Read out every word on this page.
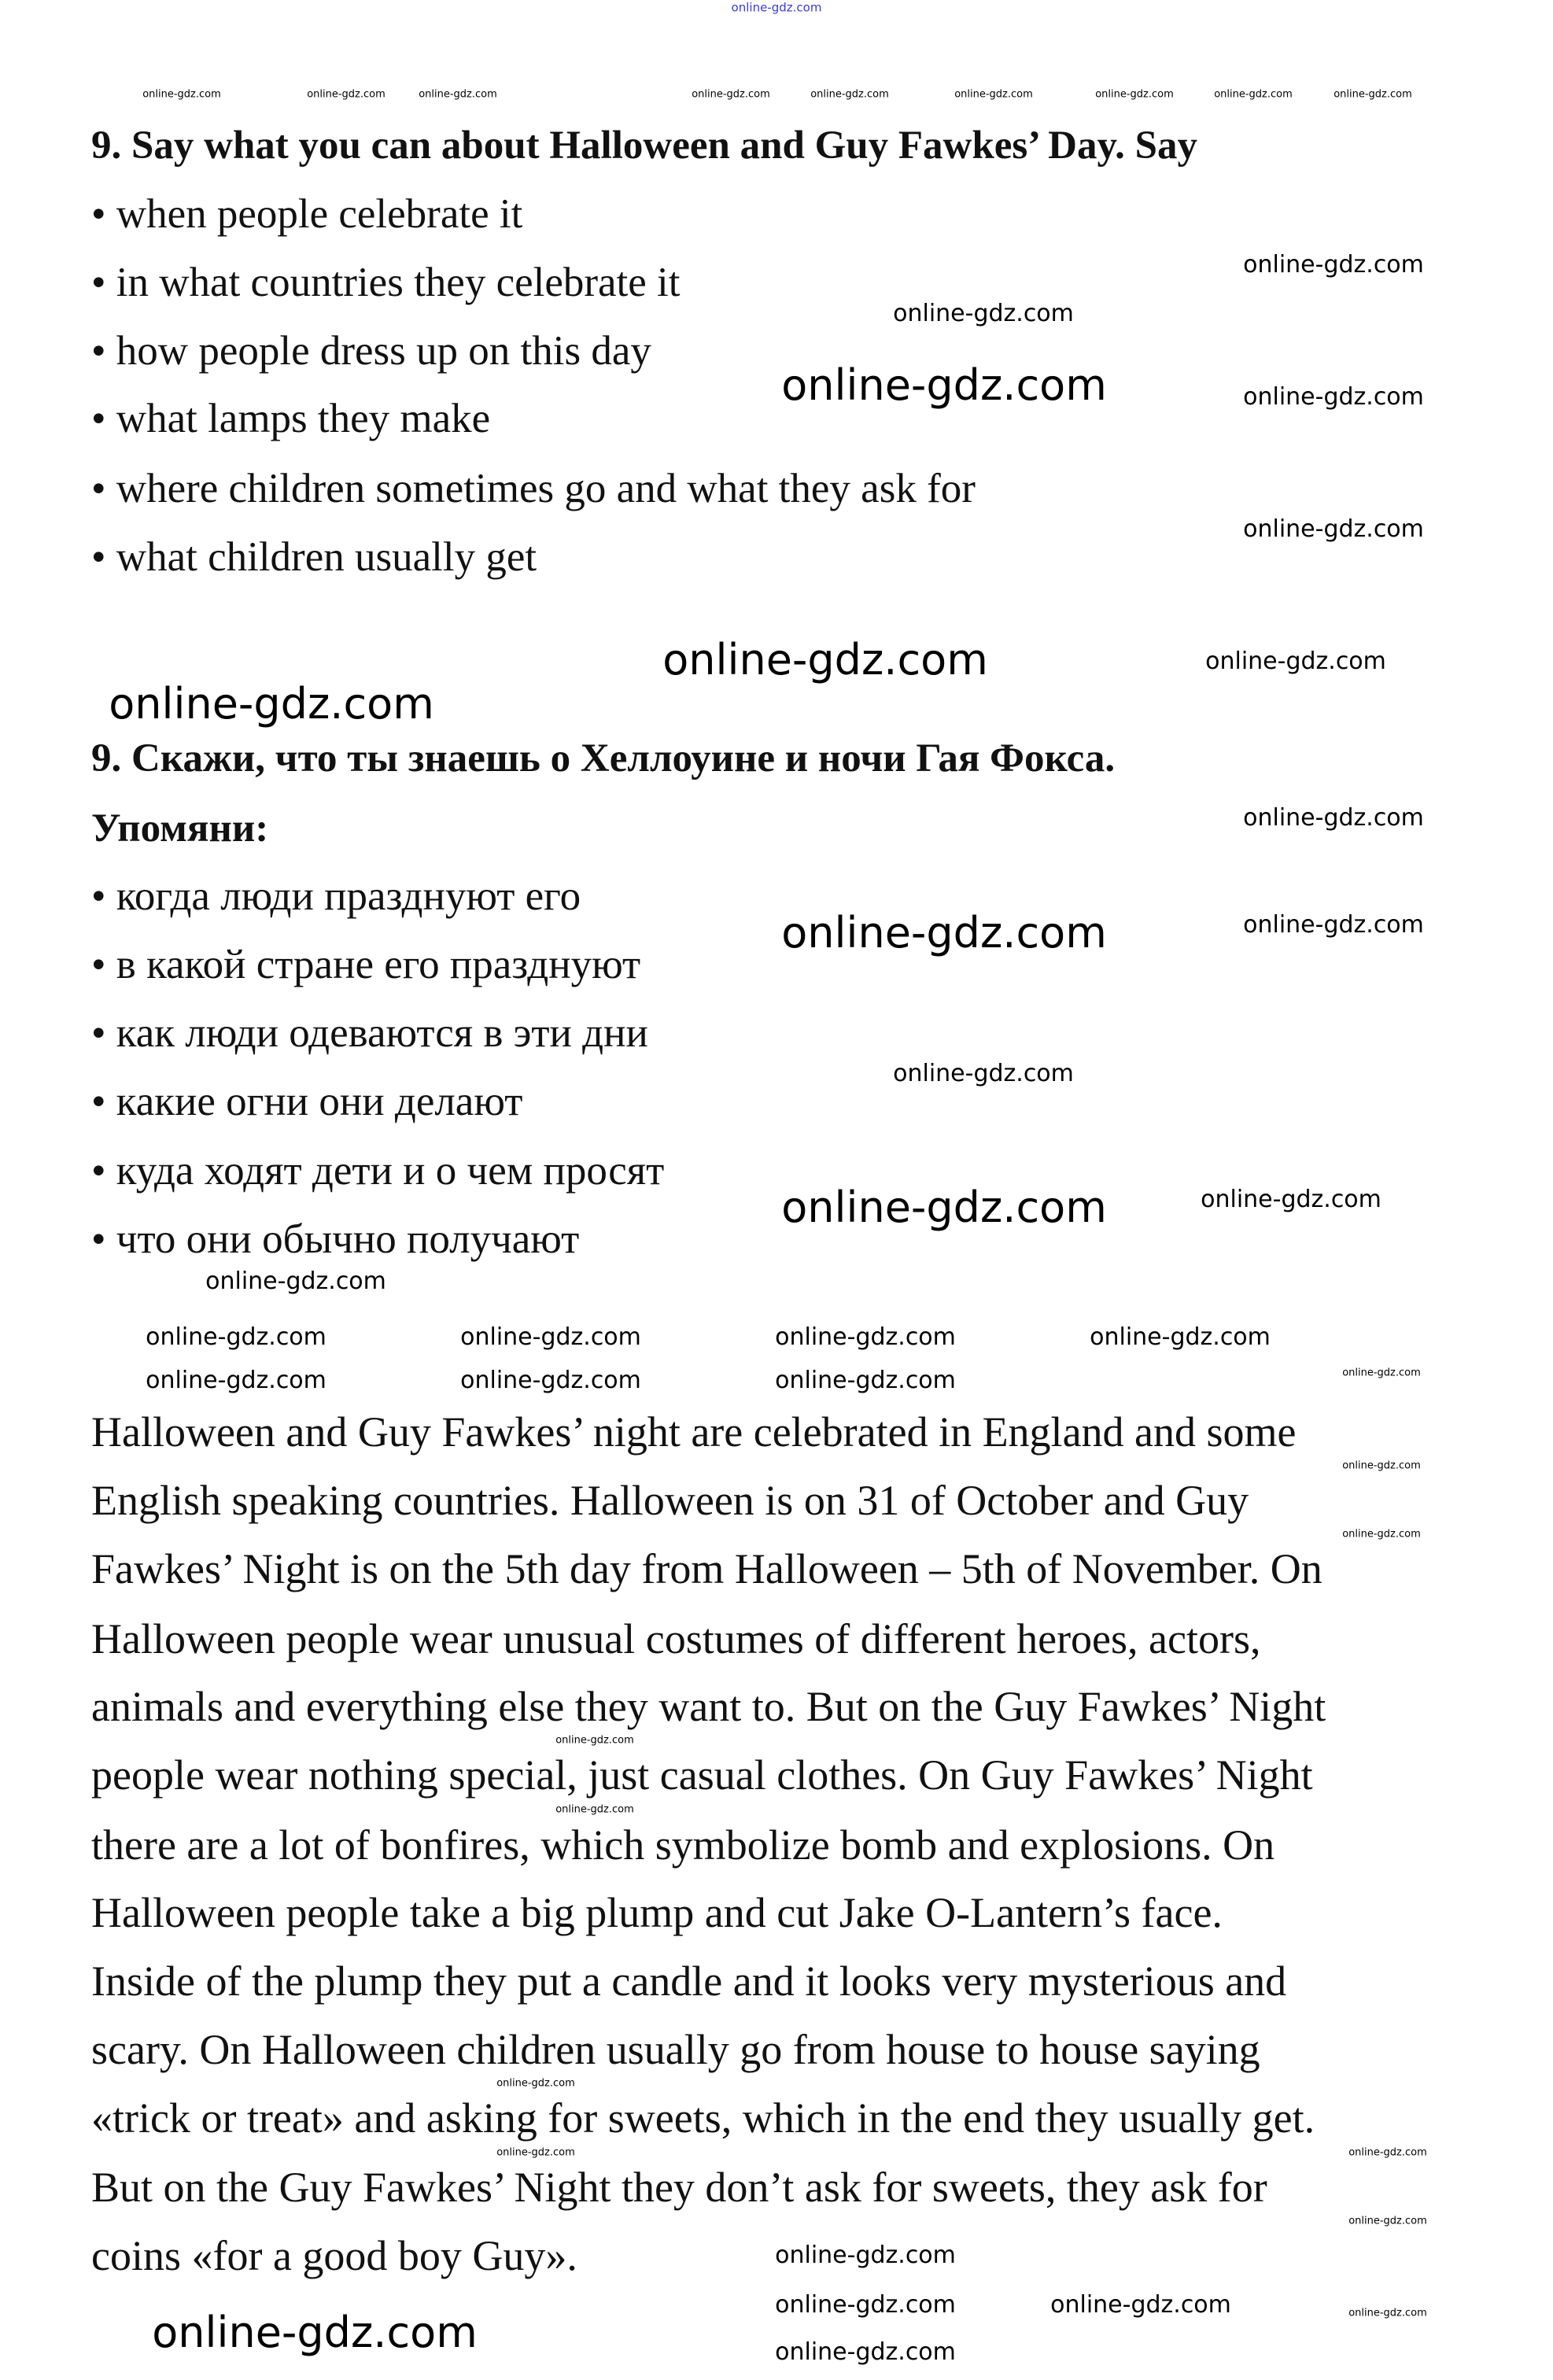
9. Say what you can about Halloween and Guy Fawkes’ Day. Say
• when people celebrate it
• in what countries they celebrate it
• how people dress up on this day
• what lamps they make
• where children sometimes go and what they ask for
• what children usually get
9. Скажи, что ты знаешь о Хеллоуине и ночи Гая Фокса.
Упомяни:
• когда люди празднуют его
• в какой стране его празднуют
• как люди одеваются в эти дни
• какие огни они делают
• куда ходят дети и о чем просят
• что они обычно получают
Halloween and Guy Fawkes’ night are celebrated in England and some
English speaking countries. Halloween is on 31 of October and Guy
Fawkes’ Night is on the 5th day from Halloween – 5th of November. On
Halloween people wear unusual costumes of different heroes, actors,
animals and everything else they want to. But on the Guy Fawkes’ Night
people wear nothing special, just casual clothes. On Guy Fawkes’ Night
there are a lot of bonfires, which symbolize bomb and explosions. On
Halloween people take a big plump and cut Jake O-Lantern’s face.
Inside of the plump they put a candle and it looks very mysterious and
scary. On Halloween children usually go from house to house saying
«trick or treat» and asking for sweets, which in the end they usually get.
But on the Guy Fawkes’ Night they don’t ask for sweets, they ask for
coins «for a good boy Guy».
online-gdz.com
online-gdz.com	online-gdz.com	online-gdz.com	online-gdz.com	online-gdz.com	online-gdz.com	online-gdz.com	online-gdz.com	online-gdz.com
online-gdz.com
online-gdz.com
online-gdz.com	online-gdz.com
online-gdz.com
online-gdz.com	online-gdz.com
online-gdz.com
online-gdz.com
online-gdz.com
online-gdz.com
online-gdz.com
online-gdz.com
online-gdz.com
online-gdz.com
online-gdz.com	online-gdz.com	online-gdz.com	online-gdz.com
online-gdz.com	online-gdz.com	online-gdz.com	online-gdz.com
online-gdz.com
online-gdz.com
online-gdz.com
online-gdz.com
online-gdz.com
online-gdz.com	online-gdz.com
online-gdz.com
online-gdz.com
online-gdz.com
online-gdz.com	online-gdz.com
online-gdz.com
online-gdz.com
